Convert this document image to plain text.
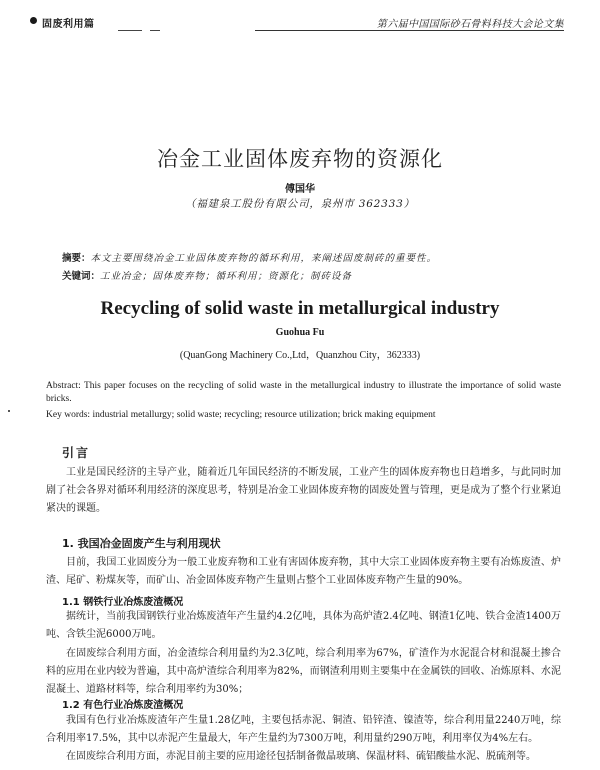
固废利用篇	第六届中国国际砂石骨料科技大会论文集
冶金工业固体废弃物的资源化
傅国华
（福建泉工股份有限公司，泉州市 362333）
摘要：本文主要围绕冶金工业固体废弃物的循环利用，来阐述固废制砖的重要性。
关键词：工业冶金；固体废弃物；循环利用；资源化；制砖设备
Recycling of solid waste in metallurgical industry
Guohua Fu
(QuanGong Machinery Co.,Ltd，Quanzhou City，362333)
Abstract: This paper focuses on the recycling of solid waste in the metallurgical industry to illustrate the importance of solid waste bricks.
Key words: industrial metallurgy; solid waste; recycling; resource utilization; brick making equipment
引言
工业是国民经济的主导产业，随着近几年国民经济的不断发展，工业产生的固体废弃物也日趋增多，与此同时加剧了社会各界对循环利用经济的深度思考，特别是冶金工业固体废弃物的固废处置与管理，更是成为了整个行业紧迫紧决的课题。
1. 我国冶金固废产生与利用现状
目前，我国工业固废分为一般工业废弃物和工业有害固体废弃物，其中大宗工业固体废弃物主要有冶炼废渣、炉渣、尾矿、粉煤灰等，而矿山、冶金固体废弃物产生量则占整个工业固体废弃物产生量的90%。
1.1 钢铁行业冶炼废渣概况
据统计，当前我国钢铁行业冶炼废渣年产生量约4.2亿吨，具体为高炉渣2.4亿吨、钢渣1亿吨、铁合金渣1400万吨、含铁尘泥6000万吨。
在固废综合利用方面，冶金渣综合利用量约为2.3亿吨，综合利用率为67%，矿渣作为水泥混合材和混凝土掺合料的应用在业内较为普遍，其中高炉渣综合利用率为82%，而钢渣利用则主要集中在金属铁的回收、冶炼原料、水泥混凝土、道路材料等，综合利用率约为30%；
1.2 有色行业冶炼废渣概况
我国有色行业冶炼废渣年产生量1.28亿吨，主要包括赤泥、铜渣、铅锌渣、镍渣等，综合利用量2240万吨，综合利用率17.5%，其中以赤泥产生量最大，年产生量约为7300万吨，利用量约290万吨，利用率仅为4%左右。
在固废综合利用方面，赤泥目前主要的应用途径包括制备微晶玻璃、保温材料、硫铝酸盐水泥、脱硫剂等。
